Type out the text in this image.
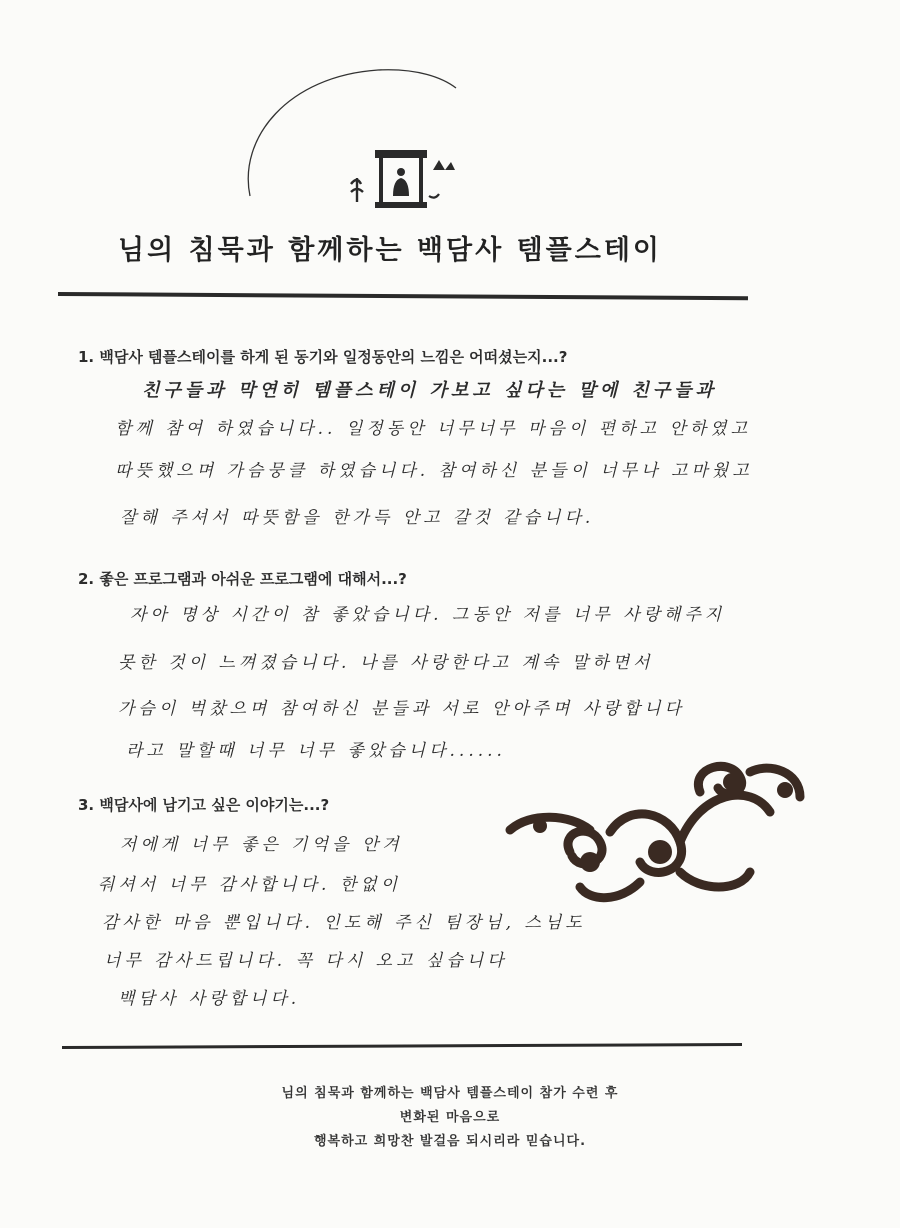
님의 침묵과 함께하는 백담사 템플스테이
1. 백담사 템플스테이를 하게 된 동기와 일정동안의 느낌은 어떠셨는지...?
친구들과 막연히 템플스테이 가보고 싶다는 말에 친구들과
함께 참여 하였습니다.. 일정동안 너무너무 마음이 편하고 안하였고
따뜻했으며 가슴뭉클 하였습니다. 참여하신 분들이 너무나 고마웠고
잘해 주셔서 따뜻함을 한가득 안고 갈것 같습니다.
2. 좋은 프로그램과 아쉬운 프로그램에 대해서...?
자아 명상 시간이 참 좋았습니다. 그동안 저를 너무 사랑해주지
못한 것이 느껴졌습니다. 나를 사랑한다고 계속 말하면서
가슴이 벅찼으며 참여하신 분들과 서로 안아주며 사랑합니다
라고 말할때 너무 너무 좋았습니다......
3. 백담사에 남기고 싶은 이야기는...?
저에게 너무 좋은 기억을 안겨
줘셔서 너무 감사합니다. 한없이
감사한 마음 뿐입니다. 인도해 주신 팀장님, 스님도
너무 감사드립니다. 꼭 다시 오고 싶습니다
백담사 사랑합니다.
님의 침묵과 함께하는 백담사 템플스테이 참가 수련 후
변화된 마음으로
행복하고 희망찬 발걸음 되시리라 믿습니다.
